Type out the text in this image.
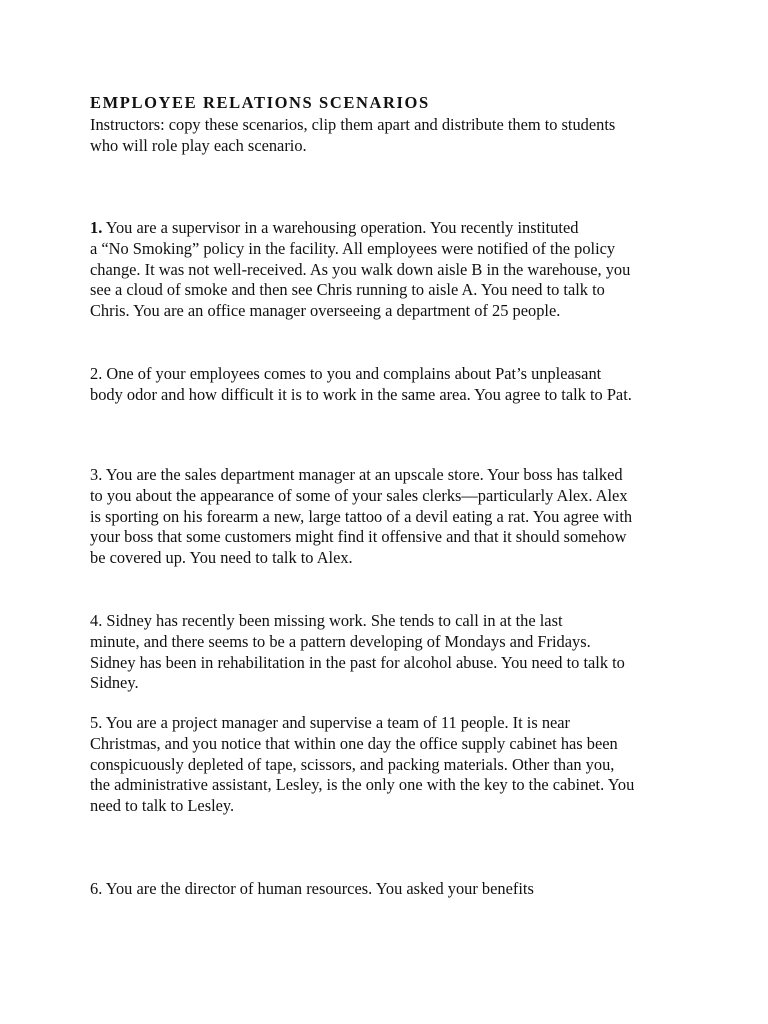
EMPLOYEE RELATIONS SCENARIOS
Instructors: copy these scenarios, clip them apart and distribute them to students
who will role play each scenario.
1. You are a supervisor in a warehousing operation. You recently instituted
a “No Smoking” policy in the facility. All employees were notified of the policy
change. It was not well-received. As you walk down aisle B in the warehouse, you
see a cloud of smoke and then see Chris running to aisle A. You need to talk to
Chris. You are an office manager overseeing a department of 25 people.
2. One of your employees comes to you and complains about Pat’s unpleasant
body odor and how difficult it is to work in the same area. You agree to talk to Pat.
3. You are the sales department manager at an upscale store. Your boss has talked
to you about the appearance of some of your sales clerks—particularly Alex. Alex
is sporting on his forearm a new, large tattoo of a devil eating a rat. You agree with
your boss that some customers might find it offensive and that it should somehow
be covered up. You need to talk to Alex.
4. Sidney has recently been missing work. She tends to call in at the last
minute, and there seems to be a pattern developing of Mondays and Fridays.
Sidney has been in rehabilitation in the past for alcohol abuse. You need to talk to
Sidney.
5. You are a project manager and supervise a team of 11 people. It is near
Christmas, and you notice that within one day the office supply cabinet has been
conspicuously depleted of tape, scissors, and packing materials. Other than you,
the administrative assistant, Lesley, is the only one with the key to the cabinet. You
need to talk to Lesley.
6. You are the director of human resources. You asked your benefits
